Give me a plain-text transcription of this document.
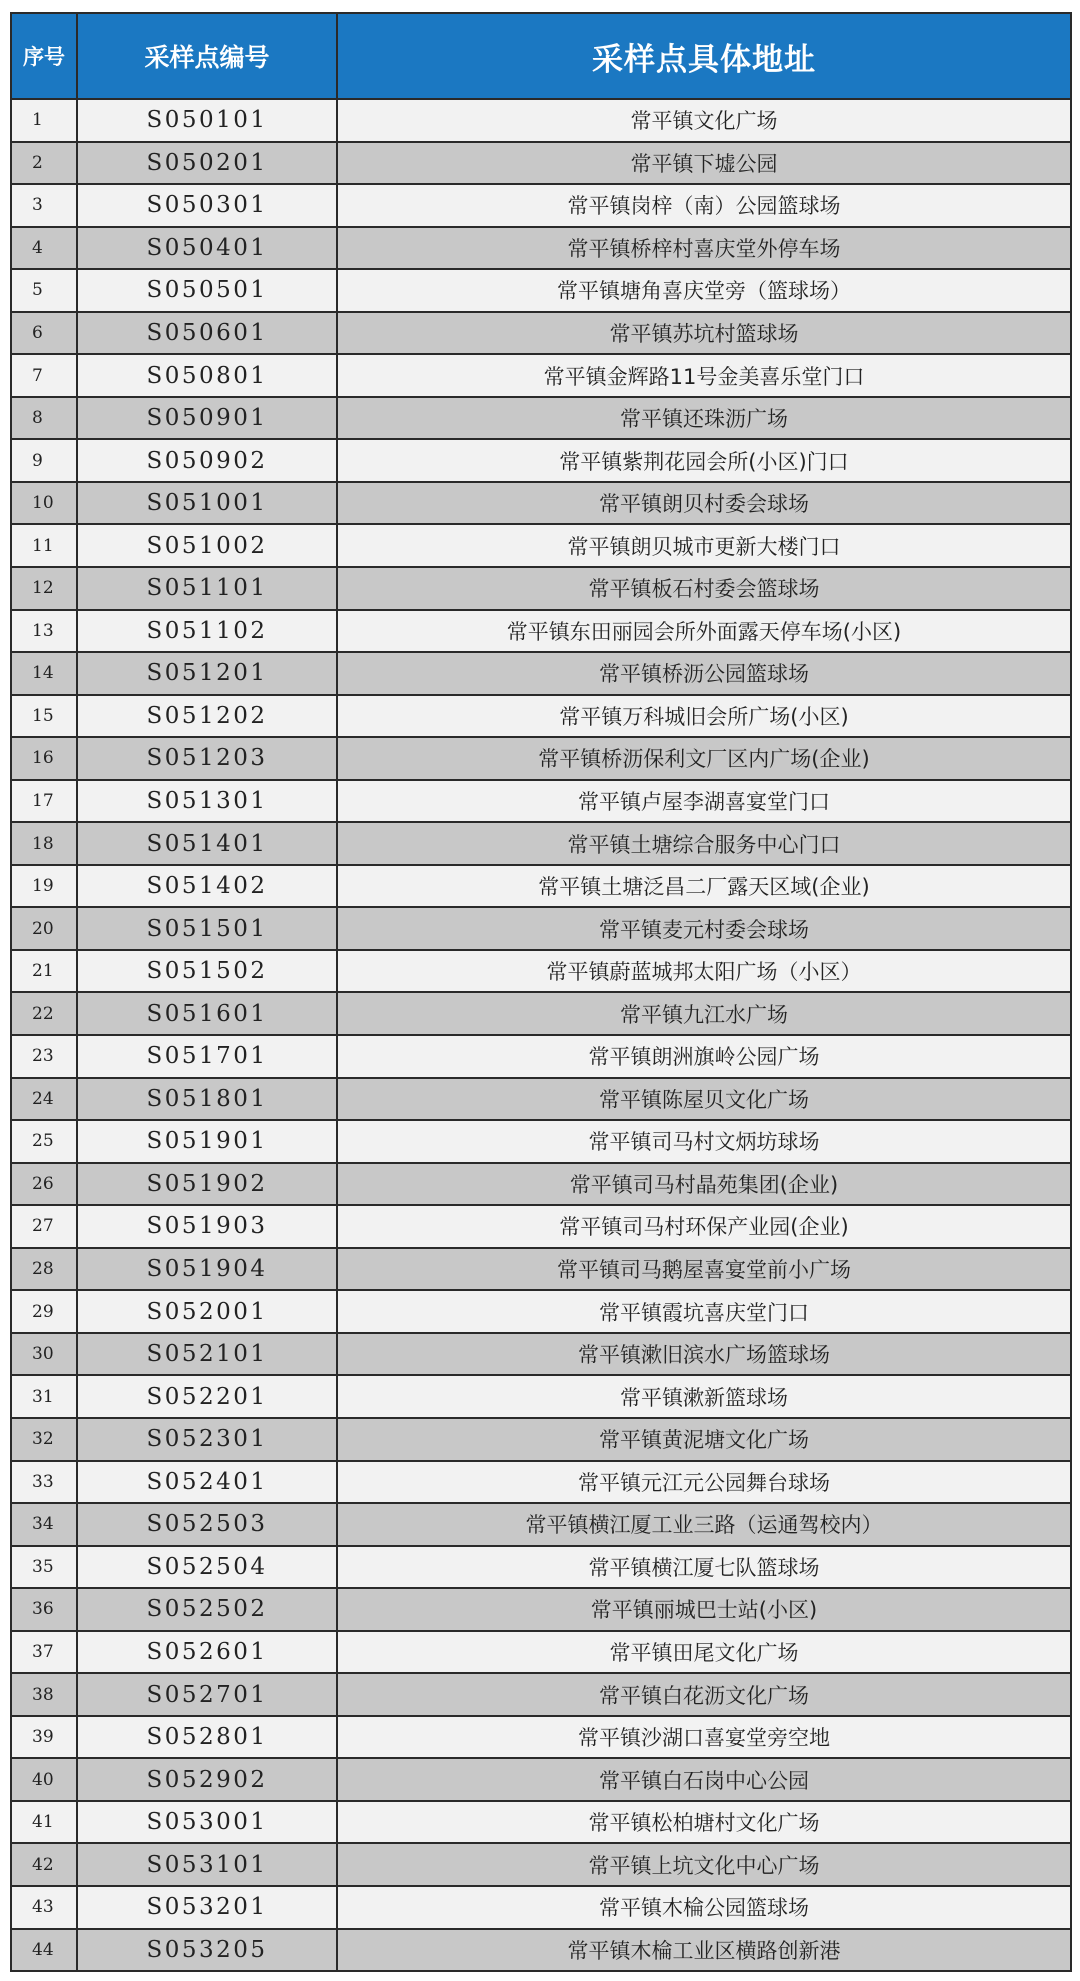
序号	采样点编号	采样点具体地址
1	S050101	常平镇文化广场
2	S050201	常平镇下墟公园
3	S050301	常平镇岗梓（南）公园篮球场
4	S050401	常平镇桥梓村喜庆堂外停车场
5	S050501	常平镇塘角喜庆堂旁（篮球场）
6	S050601	常平镇苏坑村篮球场
7	S050801	常平镇金辉路11号金美喜乐堂门口
8	S050901	常平镇还珠沥广场
9	S050902	常平镇紫荆花园会所(小区)门口
10	S051001	常平镇朗贝村委会球场
11	S051002	常平镇朗贝城市更新大楼门口
12	S051101	常平镇板石村委会篮球场
13	S051102	常平镇东田丽园会所外面露天停车场(小区)
14	S051201	常平镇桥沥公园篮球场
15	S051202	常平镇万科城旧会所广场(小区)
16	S051203	常平镇桥沥保利文厂区内广场(企业)
17	S051301	常平镇卢屋李湖喜宴堂门口
18	S051401	常平镇土塘综合服务中心门口
19	S051402	常平镇土塘泛昌二厂露天区域(企业)
20	S051501	常平镇麦元村委会球场
21	S051502	常平镇蔚蓝城邦太阳广场（小区）
22	S051601	常平镇九江水广场
23	S051701	常平镇朗洲旗岭公园广场
24	S051801	常平镇陈屋贝文化广场
25	S051901	常平镇司马村文炳坊球场
26	S051902	常平镇司马村晶苑集团(企业)
27	S051903	常平镇司马村环保产业园(企业)
28	S051904	常平镇司马鹅屋喜宴堂前小广场
29	S052001	常平镇霞坑喜庆堂门口
30	S052101	常平镇漱旧滨水广场篮球场
31	S052201	常平镇漱新篮球场
32	S052301	常平镇黄泥塘文化广场
33	S052401	常平镇元江元公园舞台球场
34	S052503	常平镇横江厦工业三路（运通驾校内）
35	S052504	常平镇横江厦七队篮球场
36	S052502	常平镇丽城巴士站(小区)
37	S052601	常平镇田尾文化广场
38	S052701	常平镇白花沥文化广场
39	S052801	常平镇沙湖口喜宴堂旁空地
40	S052902	常平镇白石岗中心公园
41	S053001	常平镇松柏塘村文化广场
42	S053101	常平镇上坑文化中心广场
43	S053201	常平镇木棆公园篮球场
44	S053205	常平镇木棆工业区横路创新港
